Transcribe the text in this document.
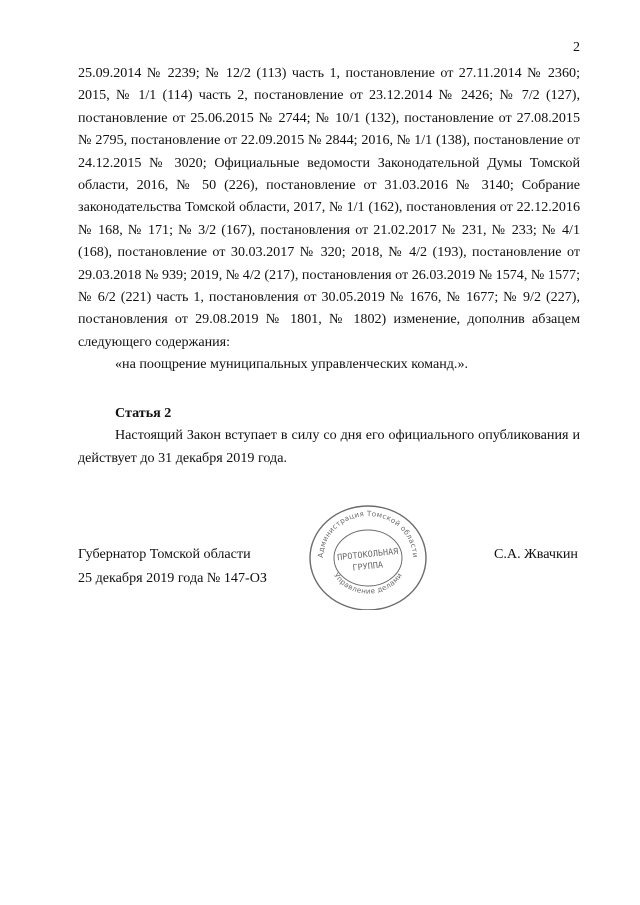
2

25.09.2014 № 2239; № 12/2 (113) часть 1, постановление от 27.11.2014 № 2360; 2015, № 1/1 (114) часть 2, постановление от 23.12.2014 № 2426; № 7/2 (127), постановление от 25.06.2015 № 2744; № 10/1 (132), постановление от 27.08.2015 № 2795, постановление от 22.09.2015 № 2844; 2016, № 1/1 (138), постановление от 24.12.2015 № 3020; Официальные ведомости Законодательной Думы Томской области, 2016, № 50 (226), постановление от 31.03.2016 № 3140; Собрание законодательства Томской области, 2017, № 1/1 (162), постановления от 22.12.2016 № 168, № 171; № 3/2 (167), постановления от 21.02.2017 № 231, № 233; № 4/1 (168), постановление от 30.03.2017 № 320; 2018, № 4/2 (193), постановление от 29.03.2018 № 939; 2019, № 4/2 (217), постановления от 26.03.2019 № 1574, № 1577; № 6/2 (221) часть 1, постановления от 30.05.2019 № 1676, № 1677; № 9/2 (227), постановления от 29.08.2019 № 1801, № 1802) изменение, дополнив абзацем следующего содержания:

«на поощрение муниципальных управленческих команд.».

Статья 2

Настоящий Закон вступает в силу со дня его официального опубликования и действует до 31 декабря 2019 года.

Губернатор Томской области
25 декабря 2019 года № 147-ОЗ
С.А. Жвачкин
Администрация Томской области
Управление делами
ПРОТОКОЛЬНАЯ
ГРУППА
